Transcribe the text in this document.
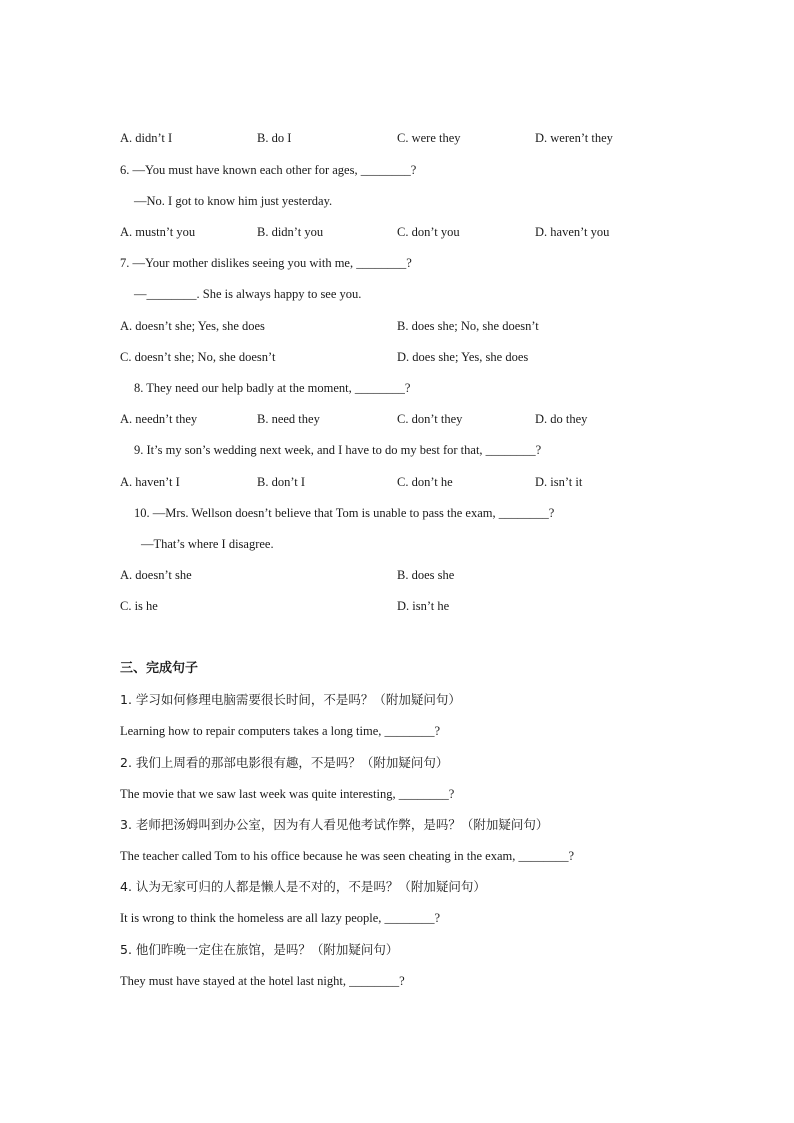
A. didn’t I	B. do I	C. were they	D. weren’t they
6. —You must have known each other for ages, ________?
—No. I got to know him just yesterday.
A. mustn’t you	B. didn’t you	C. don’t you	D. haven’t you
7. —Your mother dislikes seeing you with me, ________?
—________. She is always happy to see you.
A. doesn’t she; Yes, she does	B. does she; No, she doesn’t
C. doesn’t she; No, she doesn’t	D. does she; Yes, she does
8. They need our help badly at the moment, ________?
A. needn’t they	B. need they	C. don’t they	D. do they
9. It’s my son’s wedding next week, and I have to do my best for that, ________?
A. haven’t I	B. don’t I	C. don’t he	D. isn’t it
10. —Mrs. Wellson doesn’t believe that Tom is unable to pass the exam, ________?
—That’s where I disagree.
A. doesn’t she	B. does she
C. is he	D. isn’t he
三、完成句子
1. 学习如何修理电脑需要很长时间，不是吗？（附加疑问句）
Learning how to repair computers takes a long time, ________?
2. 我们上周看的那部电影很有趣，不是吗？（附加疑问句）
The movie that we saw last week was quite interesting, ________?
3. 老师把汤姆叫到办公室，因为有人看见他考试作弊，是吗？（附加疑问句）
The teacher called Tom to his office because he was seen cheating in the exam, ________?
4. 认为无家可归的人都是懒人是不对的，不是吗？（附加疑问句）
It is wrong to think the homeless are all lazy people, ________?
5. 他们昨晚一定住在旅馆，是吗？（附加疑问句）
They must have stayed at the hotel last night, ________?
